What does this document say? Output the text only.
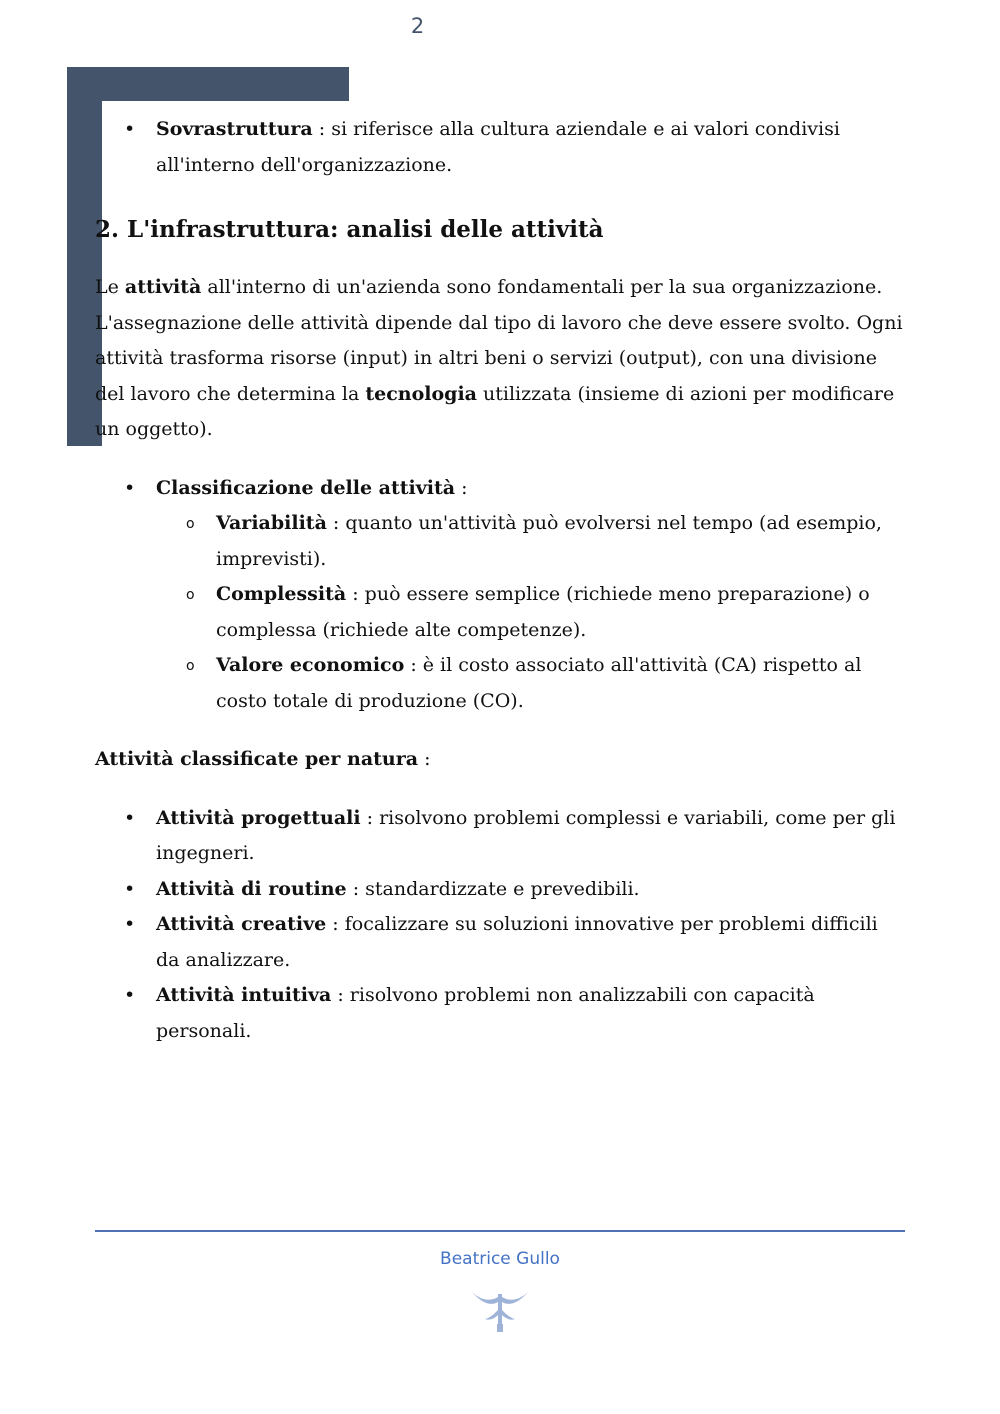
2
• Sovrastruttura : si riferisce alla cultura aziendale e ai valori condivisi all'interno dell'organizzazione.
2. L'infrastruttura: analisi delle attività

Le attività all'interno di un'azienda sono fondamentali per la sua organizzazione. L'assegnazione delle attività dipende dal tipo di lavoro che deve essere svolto. Ogni attività trasforma risorse (input) in altri beni o servizi (output), con una divisione del lavoro che determina la tecnologia utilizzata (insieme di azioni per modificare un oggetto).

• Classificazione delle attività :
o Variabilità : quanto un'attività può evolversi nel tempo (ad esempio, imprevisti).
o Complessità : può essere semplice (richiede meno preparazione) o complessa (richiede alte competenze).
o Valore economico : è il costo associato all'attività (CA) rispetto al costo totale di produzione (CO).

Attività classificate per natura :

• Attività progettuali : risolvono problemi complessi e variabili, come per gli ingegneri.
• Attività di routine : standardizzate e prevedibili.
• Attività creative : focalizzare su soluzioni innovative per problemi difficili da analizzare.
• Attività intuitiva : risolvono problemi non analizzabili con capacità personali.
Beatrice Gullo
